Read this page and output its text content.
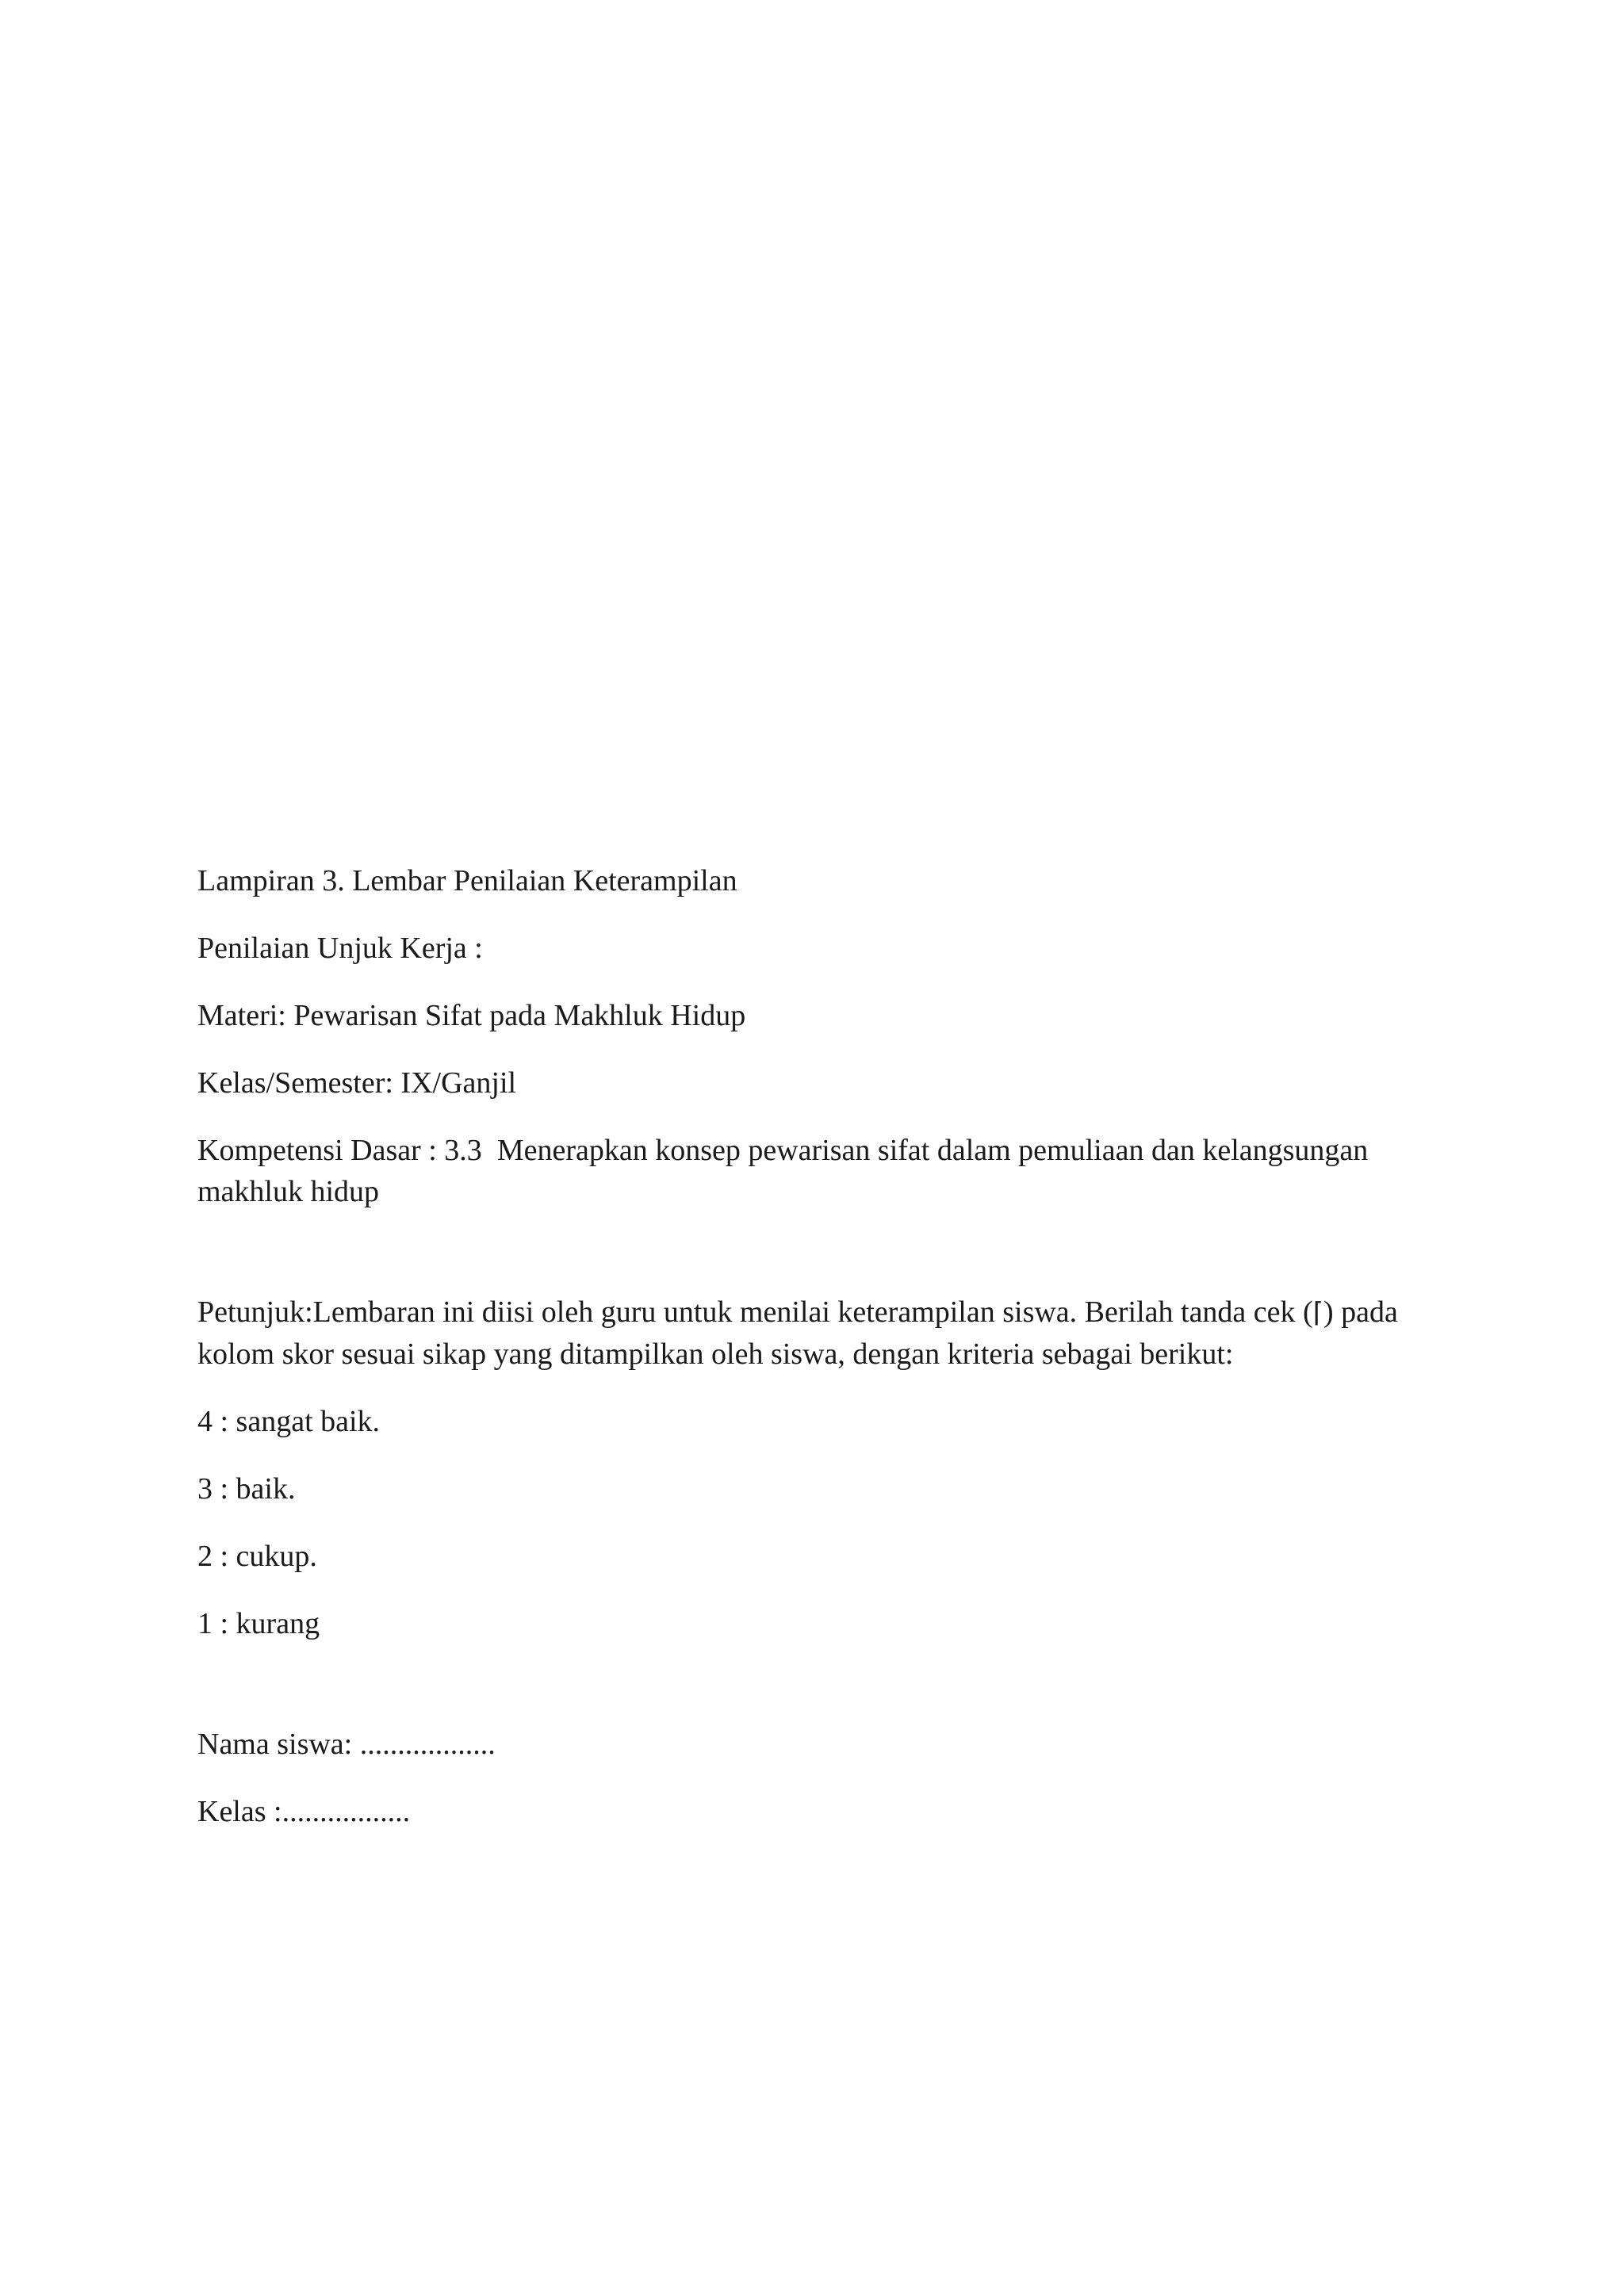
Lampiran 3. Lembar Penilaian Keterampilan

Penilaian Unjuk Kerja :

Materi: Pewarisan Sifat pada Makhluk Hidup

Kelas/Semester: IX/Ganjil

Kompetensi Dasar : 3.3 Menerapkan konsep pewarisan sifat dalam pemuliaan dan kelangsungan

makhluk hidup

Petunjuk:Lembaran ini diisi oleh guru untuk menilai keterampilan siswa. Berilah tanda cek (⌈) pada

kolom skor sesuai sikap yang ditampilkan oleh siswa, dengan kriteria sebagai berikut:

4 : sangat baik.

3 : baik.

2 : cukup.

1 : kurang

Nama siswa: ..................

Kelas :.................
